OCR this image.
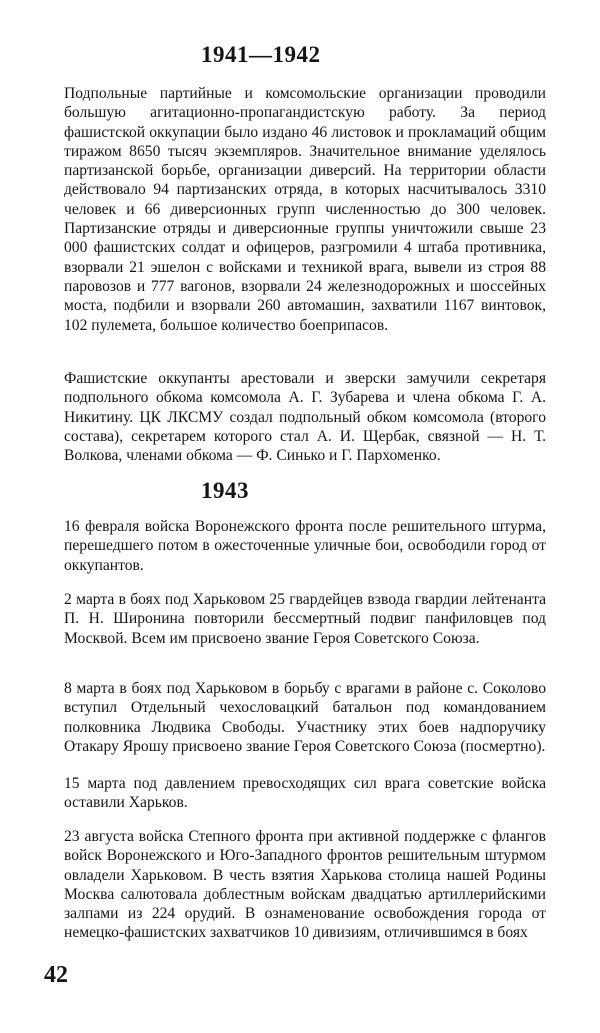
1941—1942

Подпольные партийные и комсомольские организации проводили большую агитационно-пропагандистскую работу. За период фашистской оккупации было издано 46 листовок и прокламаций общим тиражом 8650 тысяч экземпляров. Значительное внимание уделялось партизанской борьбе, организации диверсий. На территории области действовало 94 партизанских отряда, в которых насчитывалось 3310 человек и 66 диверсионных групп численностью до 300 человек. Партизанские отряды и диверсионные группы уничтожили свыше 23 000 фашистских солдат и офицеров, разгромили 4 штаба противника, взорвали 21 эшелон с войсками и техникой врага, вывели из строя 88 паровозов и 777 вагонов, взорвали 24 железнодорожных и шоссейных моста, подбили и взорвали 260 автомашин, захватили 1167 винтовок, 102 пулемета, большое количество боеприпасов.

Фашистские оккупанты арестовали и зверски замучили секретаря подпольного обкома комсомола А. Г. Зубарева и члена обкома Г. А. Никитину. ЦК ЛКСМУ создал подпольный обком комсомола (второго состава), секретарем которого стал А. И. Щербак, связной — Н. Т. Волкова, членами обкома — Ф. Синько и Г. Пархоменко.

1943

16 февраля войска Воронежского фронта после решительного штурма, перешедшего потом в ожесточенные уличные бои, освободили город от оккупантов.

2 марта в боях под Харьковом 25 гвардейцев взвода гвардии лейтенанта П. Н. Широнина повторили бессмертный подвиг панфиловцев под Москвой. Всем им присвоено звание Героя Советского Союза.

8 марта в боях под Харьковом в борьбу с врагами в районе с. Соколово вступил Отдельный чехословацкий батальон под командованием полковника Людвика Свободы. Участнику этих боев надпоручику Отакару Ярошу присвоено звание Героя Советского Союза (посмертно).

15 марта под давлением превосходящих сил врага советские войска оставили Харьков.

23 августа войска Степного фронта при активной поддержке с флангов войск Воронежского и Юго-Западного фронтов решительным штурмом овладели Харьковом. В честь взятия Харькова столица нашей Родины Москва салютовала доблестным войскам двадцатью артиллерийскими залпами из 224 орудий. В ознаменование освобождения города от немецко-фашистских захватчиков 10 дивизиям, отличившимся в боях

42
